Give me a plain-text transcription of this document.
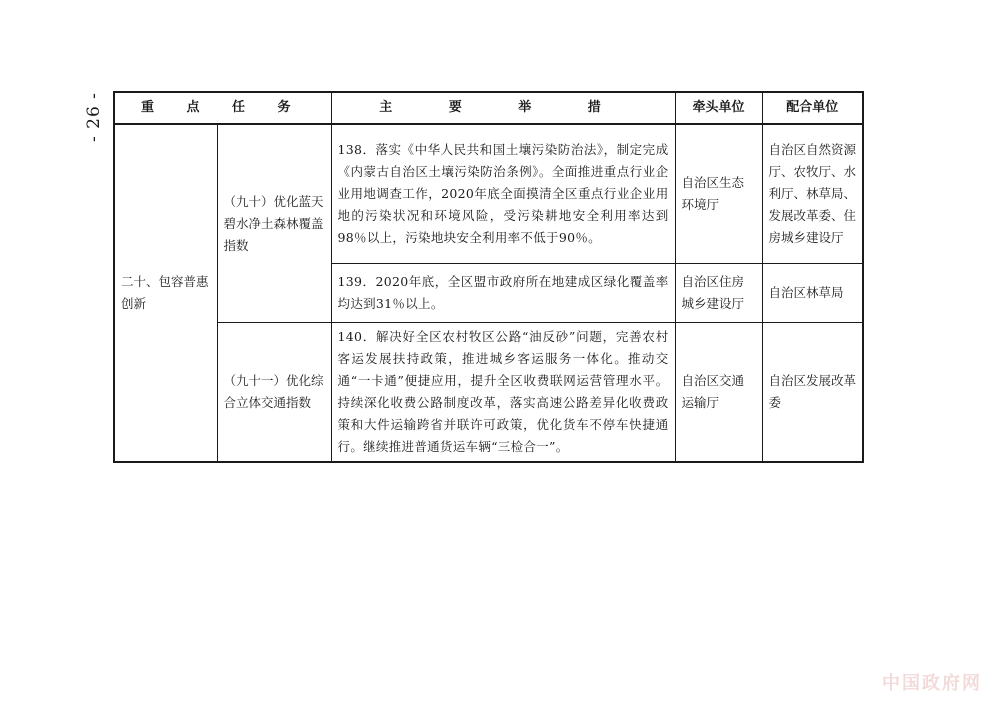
- 26 -	重 点 任 务		主 要 举 措	牵头单位	配合单位
二十、包容普惠创新	（九十）优化蓝天碧水净土森林覆盖指数	138．落实《中华人民共和国土壤污染防治法》，制定完成《内蒙古自治区土壤污染防治条例》。全面推进重点行业企业用地调查工作，2020年底全面摸清全区重点行业企业用地的污染状况和环境风险，受污染耕地安全利用率达到98％以上，污染地块安全利用率不低于90％。	自治区生态环境厅	自治区自然资源厅、农牧厅、水利厅、林草局、发展改革委、住房城乡建设厅
		139．2020年底，全区盟市政府所在地建成区绿化覆盖率均达到31％以上。	自治区住房城乡建设厅	自治区林草局
	（九十一）优化综合立体交通指数	140．解决好全区农村牧区公路“油反砂”问题，完善农村客运发展扶持政策，推进城乡客运服务一体化。推动交通“一卡通”便捷应用，提升全区收费联网运营管理水平。持续深化收费公路制度改革，落实高速公路差异化收费政策和大件运输跨省并联许可政策，优化货车不停车快捷通行。继续推进普通货运车辆“三检合一”。	自治区交通运输厅	自治区发展改革委
中国政府网
